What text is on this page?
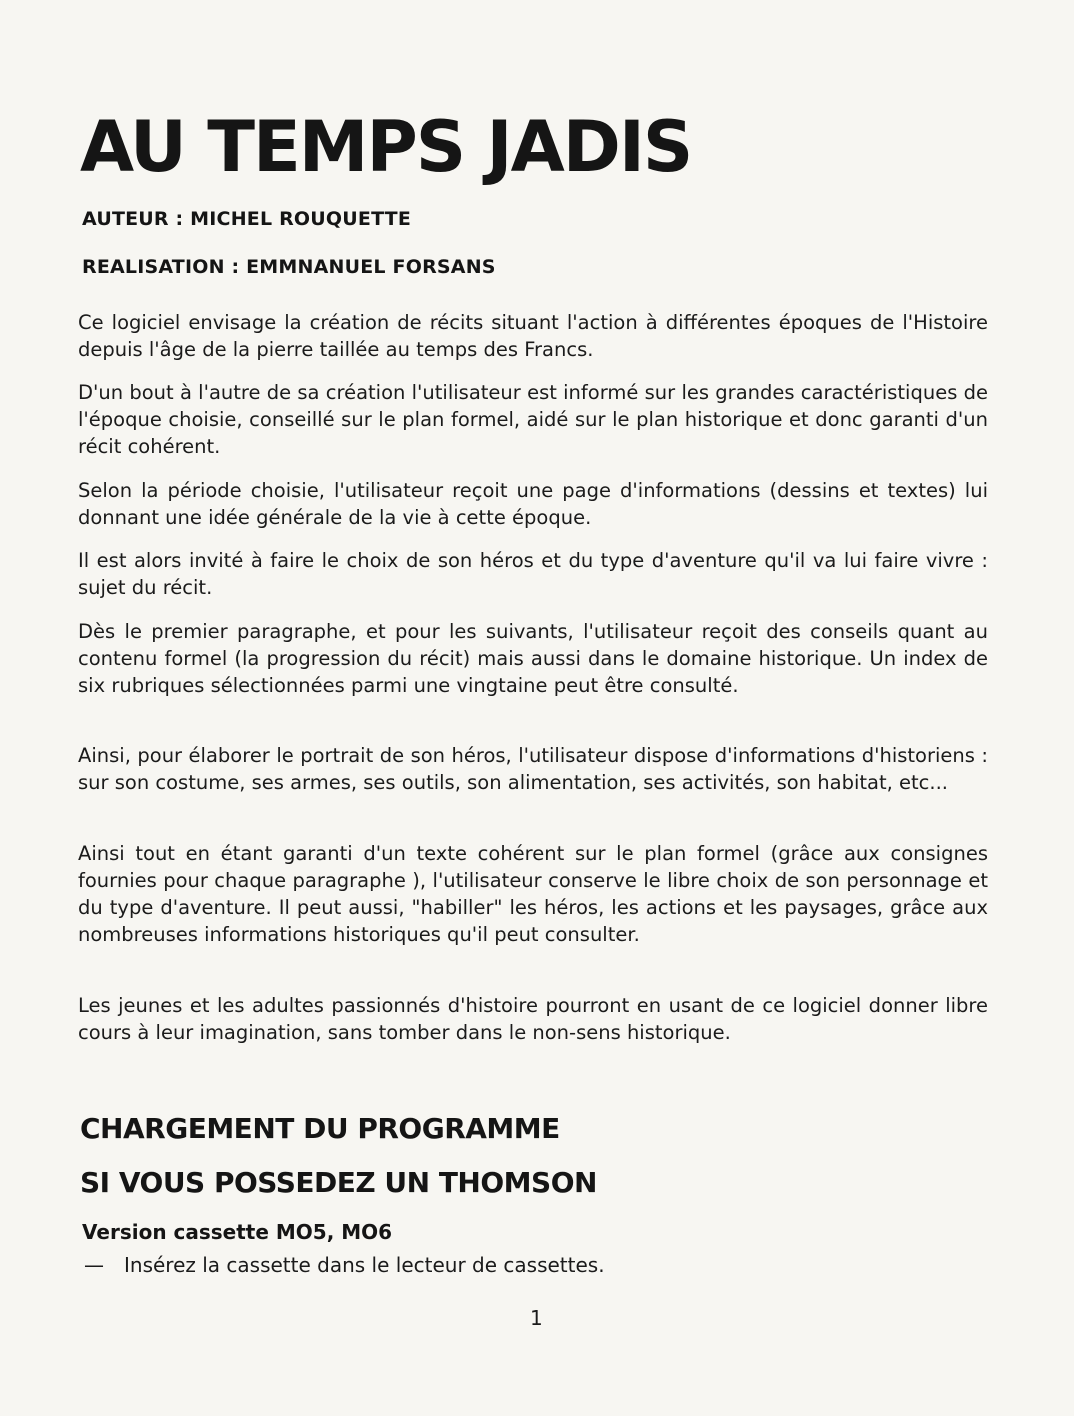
AU TEMPS JADIS

AUTEUR : MICHEL ROUQUETTE

REALISATION : EMMNANUEL FORSANS

Ce logiciel envisage la création de récits situant l'action à différentes époques de l'Histoire depuis l'âge de la pierre taillée au temps des Francs.

D'un bout à l'autre de sa création l'utilisateur est informé sur les grandes caractéristiques de l'époque choisie, conseillé sur le plan formel, aidé sur le plan historique et donc garanti d'un récit cohérent.

Selon la période choisie, l'utilisateur reçoit une page d'informations (dessins et textes) lui donnant une idée générale de la vie à cette époque.

Il est alors invité à faire le choix de son héros et du type d'aventure qu'il va lui faire vivre : sujet du récit.

Dès le premier paragraphe, et pour les suivants, l'utilisateur reçoit des conseils quant au contenu formel (la progression du récit) mais aussi dans le domaine historique. Un index de six rubriques sélectionnées parmi une vingtaine peut être consulté.

Ainsi, pour élaborer le portrait de son héros, l'utilisateur dispose d'informations d'historiens : sur son costume, ses armes, ses outils, son alimentation, ses activités, son habitat, etc...

Ainsi tout en étant garanti d'un texte cohérent sur le plan formel (grâce aux consignes fournies pour chaque paragraphe ), l'utilisateur conserve le libre choix de son personnage et du type d'aventure. Il peut aussi, "habiller" les héros, les actions et les paysages, grâce aux nombreuses informations historiques qu'il peut consulter.

Les jeunes et les adultes passionnés d'histoire pourront en usant de ce logiciel donner libre cours à leur imagination, sans tomber dans le non-sens historique.

CHARGEMENT DU PROGRAMME
SI VOUS POSSEDEZ UN THOMSON

Version cassette MO5, MO6

— Insérez la cassette dans le lecteur de cassettes.

1
